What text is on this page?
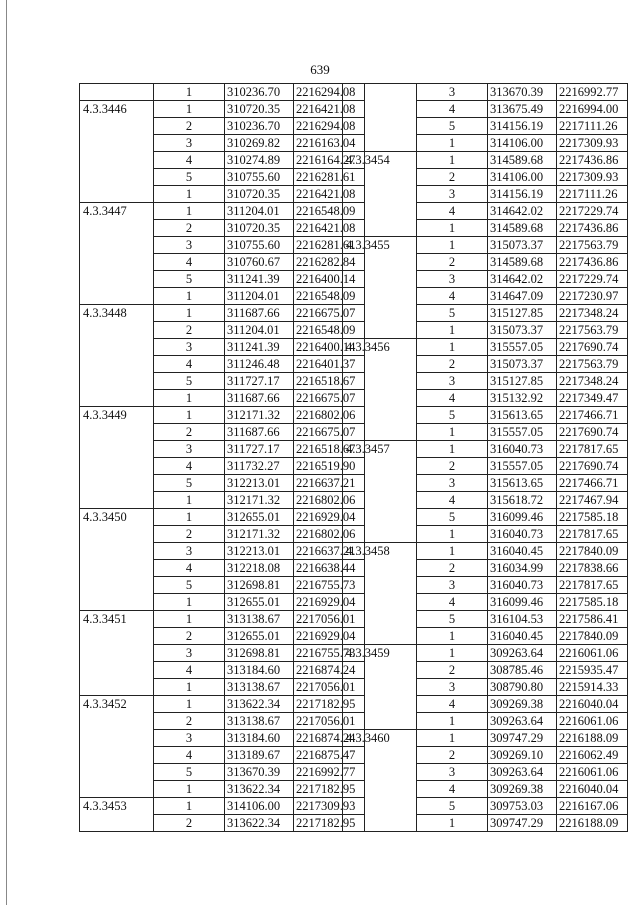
639
	1	310236.70	2216294.08
4.3.3446	1	310720.35	2216421.08
	2	310236.70	2216294.08
	3	310269.82	2216163.04
	4	310274.89	2216164.27
	5	310755.60	2216281.61
	1	310720.35	2216421.08
4.3.3447	1	311204.01	2216548.09
	2	310720.35	2216421.08
	3	310755.60	2216281.61
	4	310760.67	2216282.84
	5	311241.39	2216400.14
	1	311204.01	2216548.09
4.3.3448	1	311687.66	2216675.07
	2	311204.01	2216548.09
	3	311241.39	2216400.14
	4	311246.48	2216401.37
	5	311727.17	2216518.67
	1	311687.66	2216675.07
4.3.3449	1	312171.32	2216802.06
	2	311687.66	2216675.07
	3	311727.17	2216518.67
	4	311732.27	2216519.90
	5	312213.01	2216637.21
	1	312171.32	2216802.06
4.3.3450	1	312655.01	2216929.04
	2	312171.32	2216802.06
	3	312213.01	2216637.21
	4	312218.08	2216638.44
	5	312698.81	2216755.73
	1	312655.01	2216929.04
4.3.3451	1	313138.67	2217056.01
	2	312655.01	2216929.04
	3	312698.81	2216755.73
	4	313184.60	2216874.24
	1	313138.67	2217056.01
4.3.3452	1	313622.34	2217182.95
	2	313138.67	2217056.01
	3	313184.60	2216874.24
	4	313189.67	2216875.47
	5	313670.39	2216992.77
	1	313622.34	2217182.95
4.3.3453	1	314106.00	2217309.93
	2	313622.34	2217182.95
	3	313670.39	2216992.77
	4	313675.49	2216994.00
	5	314156.19	2217111.26
	1	314106.00	2217309.93
4.3.3454	1	314589.68	2217436.86
	2	314106.00	2217309.93
	3	314156.19	2217111.26
	4	314642.02	2217229.74
	1	314589.68	2217436.86
4.3.3455	1	315073.37	2217563.79
	2	314589.68	2217436.86
	3	314642.02	2217229.74
	4	314647.09	2217230.97
	5	315127.85	2217348.24
	1	315073.37	2217563.79
4.3.3456	1	315557.05	2217690.74
	2	315073.37	2217563.79
	3	315127.85	2217348.24
	4	315132.92	2217349.47
	5	315613.65	2217466.71
	1	315557.05	2217690.74
4.3.3457	1	316040.73	2217817.65
	2	315557.05	2217690.74
	3	315613.65	2217466.71
	4	315618.72	2217467.94
	5	316099.46	2217585.18
	1	316040.73	2217817.65
4.3.3458	1	316040.45	2217840.09
	2	316034.99	2217838.66
	3	316040.73	2217817.65
	4	316099.46	2217585.18
	5	316104.53	2217586.41
	1	316040.45	2217840.09
4.3.3459	1	309263.64	2216061.06
	2	308785.46	2215935.47
	3	308790.80	2215914.33
	4	309269.38	2216040.04
	1	309263.64	2216061.06
4.3.3460	1	309747.29	2216188.09
	2	309269.10	2216062.49
	3	309263.64	2216061.06
	4	309269.38	2216040.04
	5	309753.03	2216167.06
	1	309747.29	2216188.09
